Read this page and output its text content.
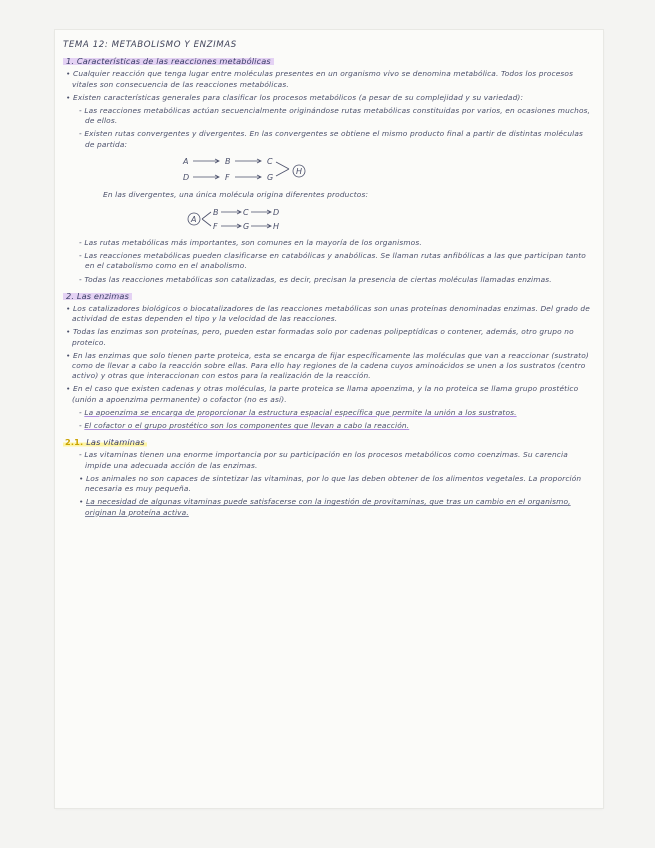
TEMA 12: METABOLISMO Y ENZIMAS
1. Características de las reacciones metabólicas

• Cualquier reacción que tenga lugar entre moléculas presentes en un organismo vivo se denomina metabólica. Todos los procesos vitales son consecuencia de las reacciones metabólicas.

• Existen características generales para clasificar los procesos metabólicos (a pesar de su complejidad y su variedad):

- Las reacciones metabólicas actúan secuencialmente originándose rutas metabólicas constituidas por varios, en ocasiones muchos, de ellos.

- Existen rutas convergentes y divergentes. En las convergentes se obtiene el mismo producto final a partir de distintas moléculas de partida:

A	B	C
D	F	G
H

En las divergentes, una única molécula origina diferentes productos:

A
B	C	D
F	G	H

- Las rutas metabólicas más importantes, son comunes en la mayoría de los organismos.

- Las reacciones metabólicas pueden clasificarse en catabólicas y anabólicas. Se llaman rutas anfibólicas a las que participan tanto en el catabolismo como en el anabolismo.

- Todas las reacciones metabólicas son catalizadas, es decir, precisan la presencia de ciertas moléculas llamadas enzimas.

2. Las enzimas

• Los catalizadores biológicos o biocatalizadores de las reacciones metabólicas son unas proteínas denominadas enzimas. Del grado de actividad de estas dependen el tipo y la velocidad de las reacciones.

• Todas las enzimas son proteínas, pero, pueden estar formadas solo por cadenas polipeptídicas o contener, además, otro grupo no proteico.

• En las enzimas que solo tienen parte proteica, esta se encarga de fijar específicamente las moléculas que van a reaccionar (sustrato) como de llevar a cabo la reacción sobre ellas. Para ello hay regiones de la cadena cuyos aminoácidos se unen a los sustratos (centro activo) y otras que interaccionan con estos para la realización de la reacción.

• En el caso que existen cadenas y otras moléculas, la parte proteica se llama apoenzima, y la no proteica se llama grupo prostético (unión a apoenzima permanente) o cofactor (no es así).

- La apoenzima se encarga de proporcionar la estructura espacial específica que permite la unión a los sustratos.

- El cofactor o el grupo prostético son los componentes que llevan a cabo la reacción.

2.1. Las vitaminas

- Las vitaminas tienen una enorme importancia por su participación en los procesos metabólicos como coenzimas. Su carencia impide una adecuada acción de las enzimas.

• Los animales no son capaces de sintetizar las vitaminas, por lo que las deben obtener de los alimentos vegetales. La proporción necesaria es muy pequeña.

• La necesidad de algunas vitaminas puede satisfacerse con la ingestión de provitaminas, que tras un cambio en el organismo, originan la proteína activa.
